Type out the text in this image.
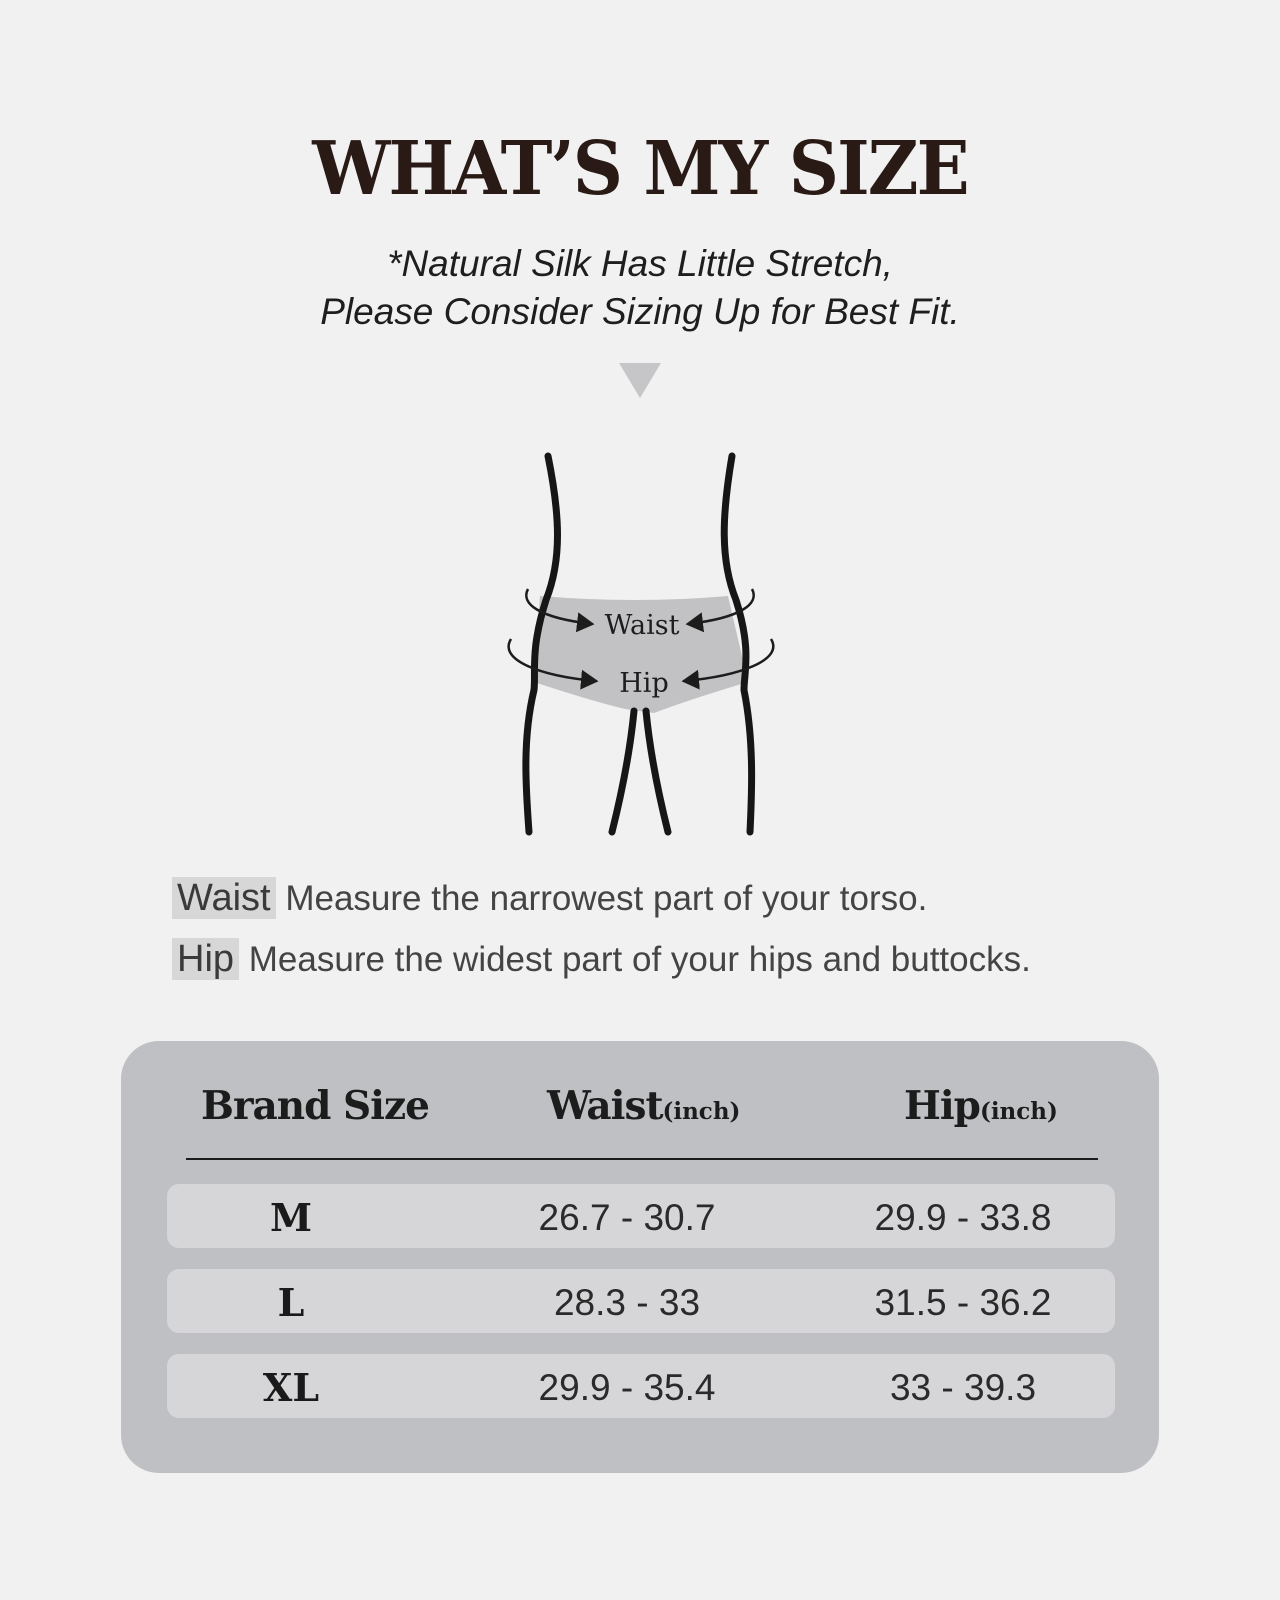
WHAT’S MY SIZE
*Natural Silk Has Little Stretch,
Please Consider Sizing Up for Best Fit.
Waist
Hip

Waist Measure the narrowest part of your torso.

Hip Measure the widest part of your hips and buttocks.

Brand Size	Waist(inch)	Hip(inch)
M	26.7 - 30.7	29.9 - 33.8
L	28.3 - 33	31.5 - 36.2
XL	29.9 - 35.4	33 - 39.3
